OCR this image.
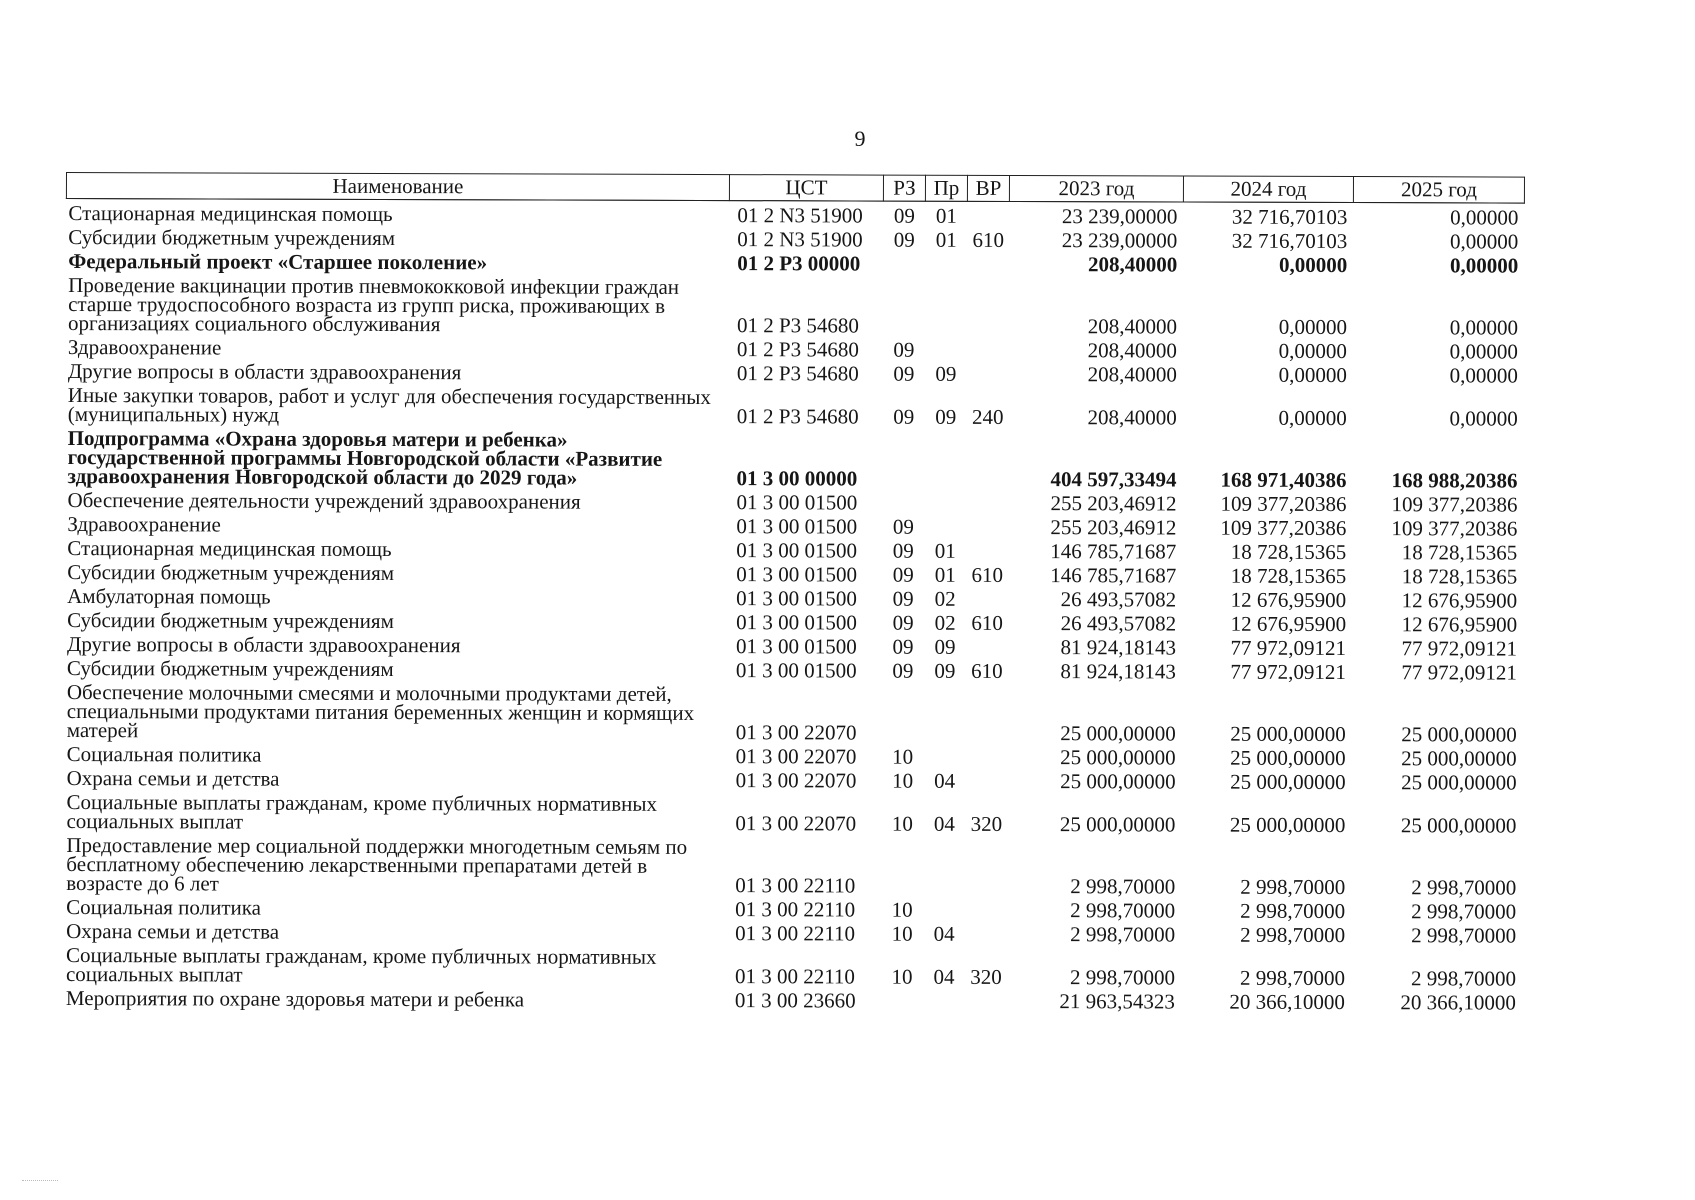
9
Наименование	ЦСТ	РЗ	Пр	ВР	2023 год	2024 год	2025 год
Стационарная медицинская помощь	01 2 N3 51900	09	01		23 239,00000	32 716,70103	0,00000
Субсидии бюджетным учреждениям	01 2 N3 51900	09	01	610	23 239,00000	32 716,70103	0,00000
Федеральный проект «Старшее поколение»	01 2 P3 00000				208,40000	0,00000	0,00000
Проведение вакцинации против пневмококковой инфекции граждан старше трудоспособного возраста из групп риска, проживающих в организациях социального обслуживания	01 2 P3 54680				208,40000	0,00000	0,00000
Здравоохранение	01 2 P3 54680	09			208,40000	0,00000	0,00000
Другие вопросы в области здравоохранения	01 2 P3 54680	09	09		208,40000	0,00000	0,00000
Иные закупки товаров, работ и услуг для обеспечения государственных (муниципальных) нужд	01 2 P3 54680	09	09	240	208,40000	0,00000	0,00000
Подпрограмма «Охрана здоровья матери и ребенка» государственной программы Новгородской области «Развитие здравоохранения Новгородской области до 2029 года»	01 3 00 00000				404 597,33494	168 971,40386	168 988,20386
Обеспечение деятельности учреждений здравоохранения	01 3 00 01500				255 203,46912	109 377,20386	109 377,20386
Здравоохранение	01 3 00 01500	09			255 203,46912	109 377,20386	109 377,20386
Стационарная медицинская помощь	01 3 00 01500	09	01		146 785,71687	18 728,15365	18 728,15365
Субсидии бюджетным учреждениям	01 3 00 01500	09	01	610	146 785,71687	18 728,15365	18 728,15365
Амбулаторная помощь	01 3 00 01500	09	02		26 493,57082	12 676,95900	12 676,95900
Субсидии бюджетным учреждениям	01 3 00 01500	09	02	610	26 493,57082	12 676,95900	12 676,95900
Другие вопросы в области здравоохранения	01 3 00 01500	09	09		81 924,18143	77 972,09121	77 972,09121
Субсидии бюджетным учреждениям	01 3 00 01500	09	09	610	81 924,18143	77 972,09121	77 972,09121
Обеспечение молочными смесями и молочными продуктами детей, специальными продуктами питания беременных женщин и кормящих матерей	01 3 00 22070				25 000,00000	25 000,00000	25 000,00000
Социальная политика	01 3 00 22070	10			25 000,00000	25 000,00000	25 000,00000
Охрана семьи и детства	01 3 00 22070	10	04		25 000,00000	25 000,00000	25 000,00000
Социальные выплаты гражданам, кроме публичных нормативных социальных выплат	01 3 00 22070	10	04	320	25 000,00000	25 000,00000	25 000,00000
Предоставление мер социальной поддержки многодетным семьям по бесплатному обеспечению лекарственными препаратами детей в возрасте до 6 лет	01 3 00 22110				2 998,70000	2 998,70000	2 998,70000
Социальная политика	01 3 00 22110	10			2 998,70000	2 998,70000	2 998,70000
Охрана семьи и детства	01 3 00 22110	10	04		2 998,70000	2 998,70000	2 998,70000
Социальные выплаты гражданам, кроме публичных нормативных социальных выплат	01 3 00 22110	10	04	320	2 998,70000	2 998,70000	2 998,70000
Мероприятия по охране здоровья матери и ребенка	01 3 00 23660				21 963,54323	20 366,10000	20 366,10000
